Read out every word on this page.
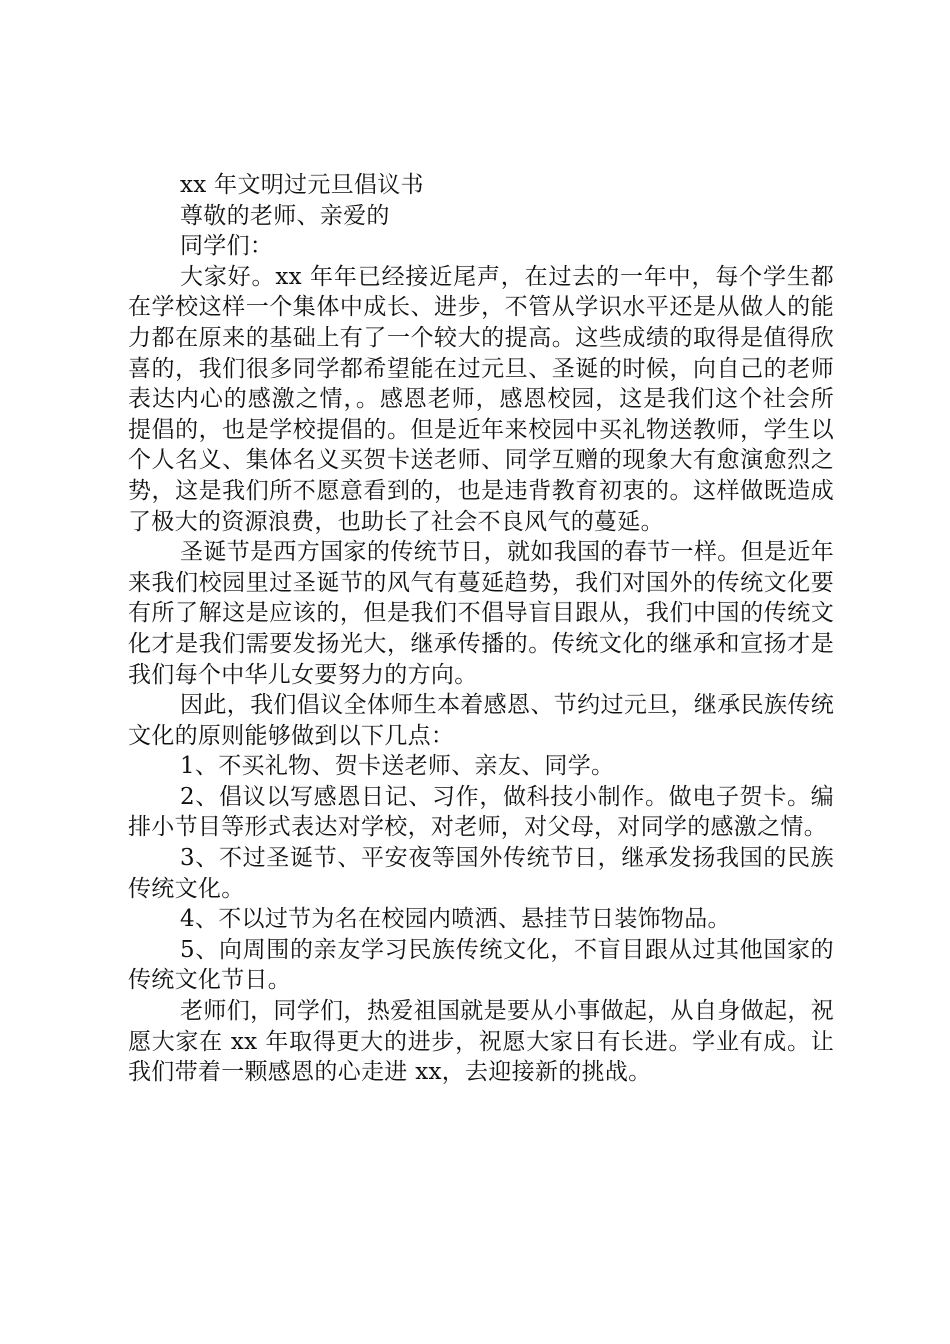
xx 年文明过元旦倡议书

尊敬的老师、亲爱的

同学们：

大家好。xx 年年已经接近尾声，在过去的一年中，每个学生都在学校这样一个集体中成长、进步，不管从学识水平还是从做人的能力都在原来的基础上有了一个较大的提高。这些成绩的取得是值得欣喜的，我们很多同学都希望能在过元旦、圣诞的时候，向自己的老师表达内心的感激之情，。感恩老师，感恩校园，这是我们这个社会所提倡的，也是学校提倡的。但是近年来校园中买礼物送教师，学生以个人名义、集体名义买贺卡送老师、同学互赠的现象大有愈演愈烈之势，这是我们所不愿意看到的，也是违背教育初衷的。这样做既造成了极大的资源浪费，也助长了社会不良风气的蔓延。

圣诞节是西方国家的传统节日，就如我国的春节一样。但是近年来我们校园里过圣诞节的风气有蔓延趋势，我们对国外的传统文化要有所了解这是应该的，但是我们不倡导盲目跟从，我们中国的传统文化才是我们需要发扬光大，继承传播的。传统文化的继承和宣扬才是我们每个中华儿女要努力的方向。

因此，我们倡议全体师生本着感恩、节约过元旦，继承民族传统文化的原则能够做到以下几点：

1、不买礼物、贺卡送老师、亲友、同学。

2、倡议以写感恩日记、习作，做科技小制作。做电子贺卡。编排小节目等形式表达对学校，对老师，对父母，对同学的感激之情。

3、不过圣诞节、平安夜等国外传统节日，继承发扬我国的民族传统文化。

4、不以过节为名在校园内喷洒、悬挂节日装饰物品。

5、向周围的亲友学习民族传统文化，不盲目跟从过其他国家的传统文化节日。

老师们，同学们，热爱祖国就是要从小事做起，从自身做起，祝愿大家在 xx 年取得更大的进步，祝愿大家日有长进。学业有成。让我们带着一颗感恩的心走进 xx，去迎接新的挑战。
